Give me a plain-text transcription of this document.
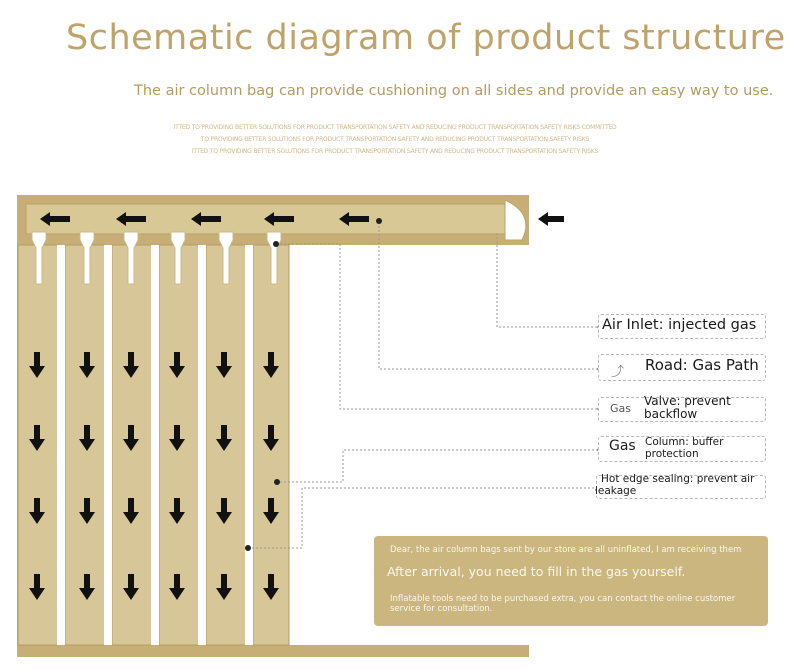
Schematic diagram of product structure
The air column bag can provide cushioning on all sides and provide an easy way to use.
ITTED TO PROVIDING BETTER SOLUTIONS FOR PRODUCT TRANSPORTATION SAFETY AND REDUCING PRODUCT TRANSPORTATION SAFETY RISKS COMMITTED
TO PROVIDING BETTER SOLUTIONS FOR PRODUCT TRANSPORTATION SAFETY AND REDUCING PRODUCT TRANSPORTATION SAFETY RISKS
ITTED TO PROVIDING BETTER SOLUTIONS FOR PRODUCT TRANSPORTATION SAFETY AND REDUCING PRODUCT TRANSPORTATION SAFETY RISKS
Air Inlet: injected gas
⤴ Road: Gas Path
Gas
Valve: prevent
backflow
Gas Column: buffer
protection
Hot edge sealing: prevent air
leakage
Dear, the air column bags sent by our store are all uninflated, I am receiving them
After arrival, you need to fill in the gas yourself.
Inflatable tools need to be purchased extra, you can contact the online customer service for consultation.
